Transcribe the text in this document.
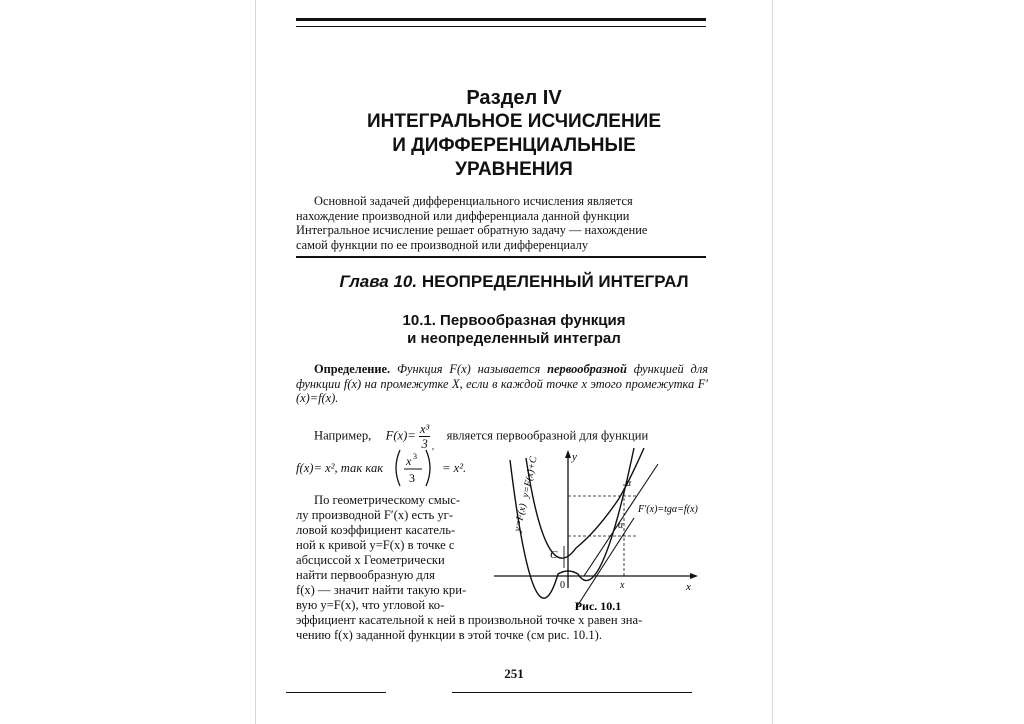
Раздел IV
ИНТЕГРАЛЬНОЕ ИСЧИСЛЕНИЕ
И ДИФФЕРЕНЦИАЛЬНЫЕ
УРАВНЕНИЯ
Основной задачей дифференциального исчисления является
нахождение производной или дифференциала данной функции
Интегральное исчисление решает обратную задачу — нахождение
самой функции по ее производной или дифференциалу
Глава 10. НЕОПРЕДЕЛЕННЫЙ ИНТЕГРАЛ
10.1. Первообразная функция
и неопределенный интеграл
Определение. Функция F(x) называется первообразной функцией для функции f(x) на промежутке X, если в каждой точке x этого промежутка F′(x)=f(x).
Например, $F(x)= \frac{\text{x³}}{3}$ является первообразной для функции
f(x)= x², так как x 3
3
′
= x².
По геометрическому смыс-
лу производной F′(x) есть уг-
ловой коэффициент касатель-
ной к кривой y=F(x) в точке с
абсциссой x Геометрически
найти первообразную для
f(x) — значит найти такую кри-
вую y=F(x), что угловой ко-
эффициент касательной к ней в произвольной точке x равен зна-
чению f(x) заданной функции в этой точке (см рис. 10.1).
y
x
0	x
C
α
α
F′(x)=tgα=f(x)
y=F(x)+C
y=F(x)
Рис. 10.1
251
